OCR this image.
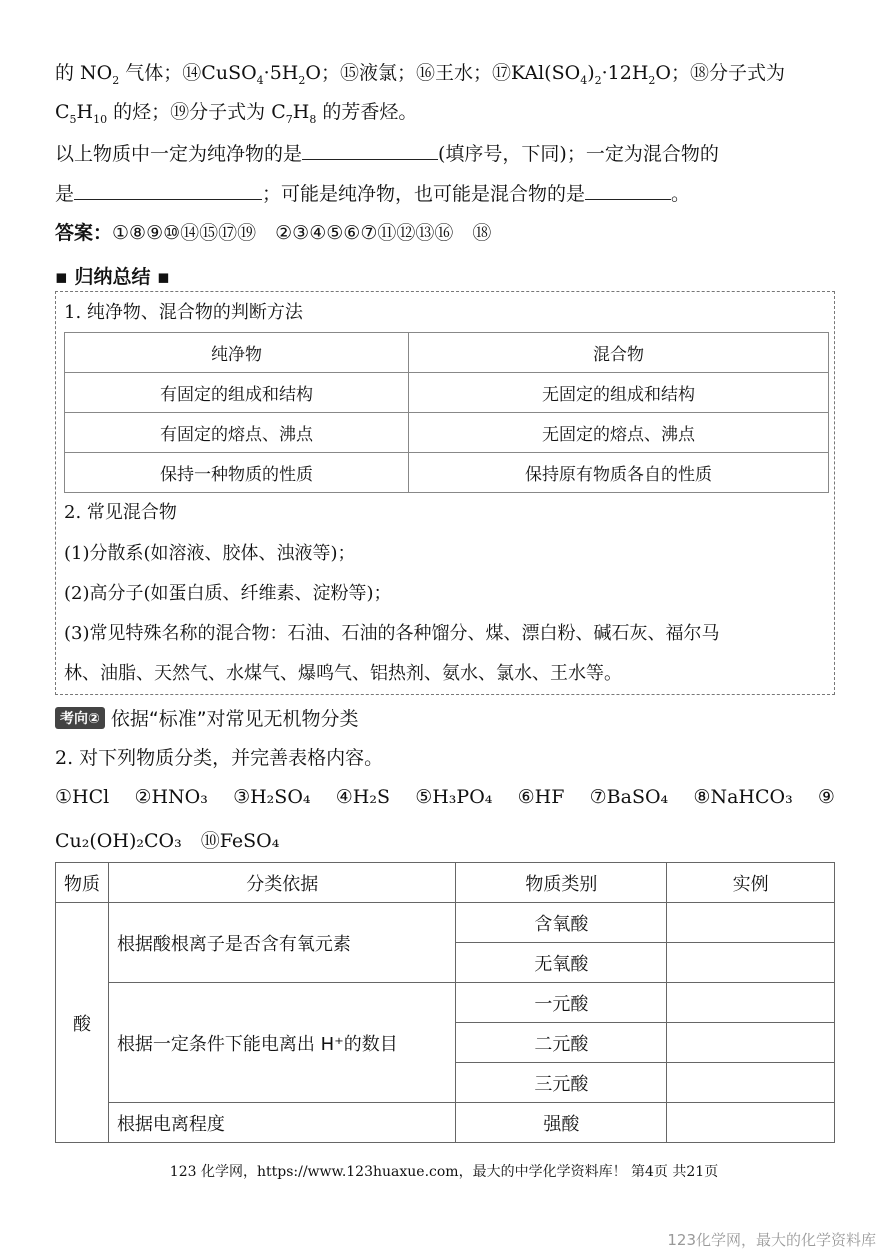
的 $NO_2$ 气体；$⑭CuSO_4\cdot 5H_2O$；⑮液氯；⑯王水；$⑰KAl(SO_4)_2\cdot 12H_2O$；⑱分子式为
$C_5H_{10}$ 的烃；⑲分子式为 $C_7H_8$ 的芳香烃。
以上物质中一定为纯净物的是	(填序号，下同)；一定为混合物的
是	；可能是纯净物，也可能是混合物的是	。
答案：①⑧⑨⑩⑭⑮⑰⑲　②③④⑤⑥⑦⑪⑫⑬⑯　⑱
▪ 归纳总结 ▪
1. 纯净物、混合物的判断方法
纯净物	混合物
有固定的组成和结构	无固定的组成和结构
有固定的熔点、沸点	无固定的熔点、沸点
保持一种物质的性质	保持原有物质各自的性质
2. 常见混合物
(1)分散系(如溶液、胶体、浊液等)；
(2)高分子(如蛋白质、纤维素、淀粉等)；
(3)常见特殊名称的混合物：石油、石油的各种馏分、煤、漂白粉、碱石灰、福尔马
林、油脂、天然气、水煤气、爆鸣气、铝热剂、氨水、氯水、王水等。
考向② 依据“标准”对常见无机物分类
2. 对下列物质分类，并完善表格内容。
①HCl ②HNO₃ ③H₂SO₄ ④H₂S ⑤H₃PO₄ ⑥HF ⑦BaSO₄ ⑧NaHCO₃ ⑨
Cu₂(OH)₂CO₃　⑩FeSO₄
物质	分类依据	物质类别	实例
酸	根据酸根离子是否含有氧元素	含氧酸	
		无氧酸	
	根据一定条件下能电离出 H⁺的数目	一元酸	
		二元酸	
		三元酸	
	根据电离程度	强酸	
123 化学网，https://www.123huaxue.com，最大的中学化学资料库！ 第4页 共21页
123化学网，最大的化学资料库
